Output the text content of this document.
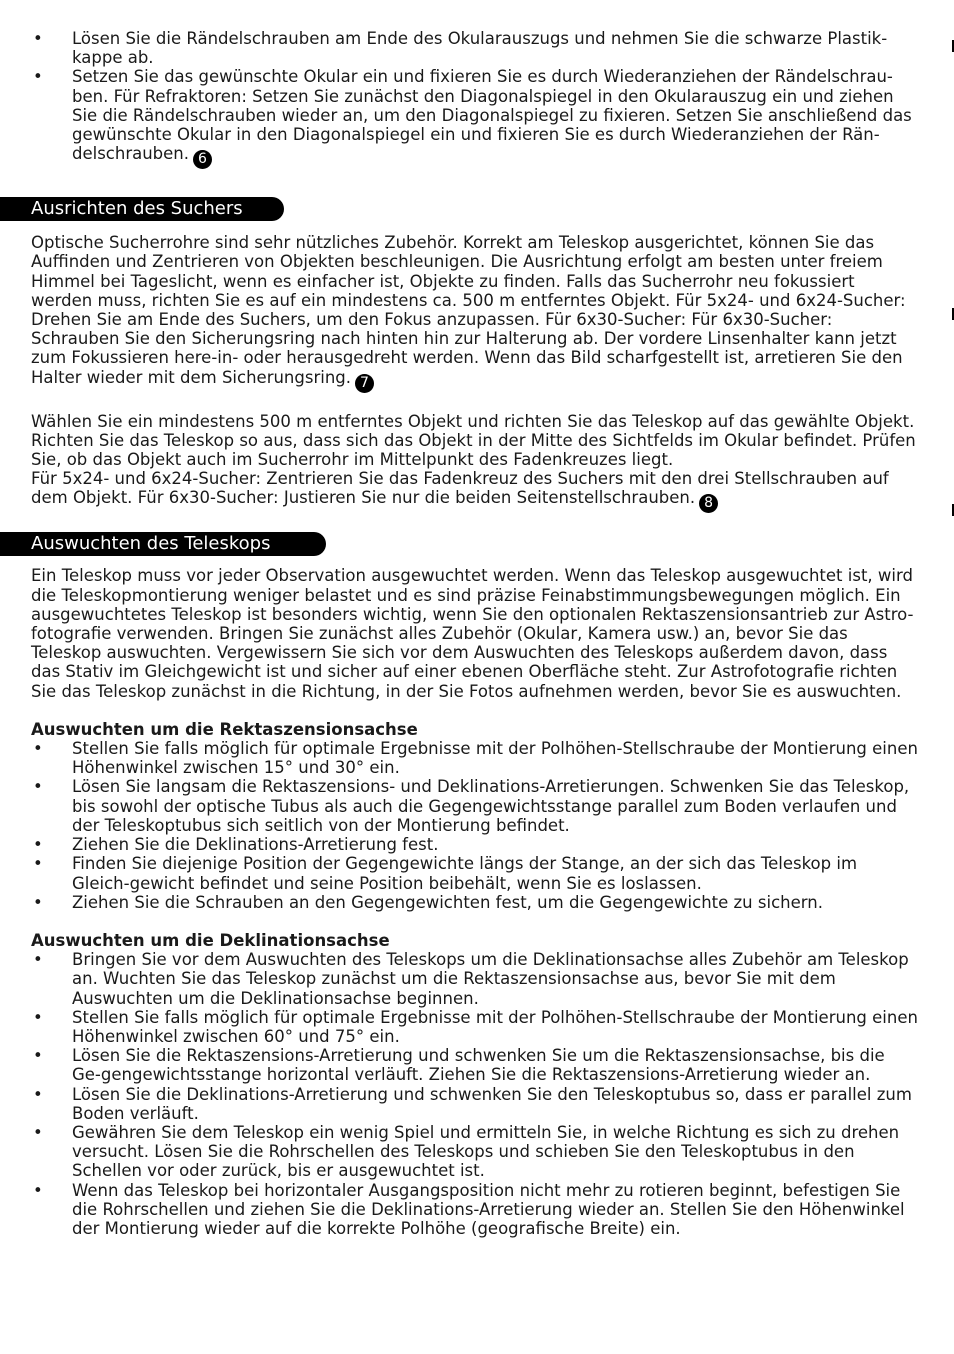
• Lösen Sie die Rändelschrauben am Ende des Okularauszugs und nehmen Sie die schwarze Plastik-kappe ab.
• Setzen Sie das gewünschte Okular ein und fixieren Sie es durch Wiederanziehen der Rändelschrau-ben. Für Refraktoren: Setzen Sie zunächst den Diagonalspiegel in den Okularauszug ein und ziehen Sie die Rändelschrauben wieder an, um den Diagonalspiegel zu fixieren. Setzen Sie anschließend das gewünschte Okular in den Diagonalspiegel ein und fixieren Sie es durch Wiederanziehen der Rän-delschrauben. 6
Ausrichten des Suchers

Optische Sucherrohre sind sehr nützliches Zubehör. Korrekt am Teleskop ausgerichtet, können Sie das Auffinden und Zentrieren von Objekten beschleunigen. Die Ausrichtung erfolgt am besten unter freiem Himmel bei Tageslicht, wenn es einfacher ist, Objekte zu finden. Falls das Sucherrohr neu fokussiert werden muss, richten Sie es auf ein mindestens ca. 500 m entferntes Objekt. Für 5x24- und 6x24-Sucher: Drehen Sie am Ende des Suchers, um den Fokus anzupassen. Für 6x30-Sucher: Für 6x30-Sucher: Schrauben Sie den Sicherungsring nach hinten hin zur Halterung ab. Der vordere Linsenhalter kann jetzt zum Fokussieren here-in- oder herausgedreht werden. Wenn das Bild scharfgestellt ist, arretieren Sie den Halter wieder mit dem Sicherungsring. 7

Wählen Sie ein mindestens 500 m entferntes Objekt und richten Sie das Teleskop auf das gewählte Objekt. Richten Sie das Teleskop so aus, dass sich das Objekt in der Mitte des Sichtfelds im Okular befindet. Prüfen Sie, ob das Objekt auch im Sucherrohr im Mittelpunkt des Fadenkreuzes liegt.
Für 5x24- und 6x24-Sucher: Zentrieren Sie das Fadenkreuz des Suchers mit den drei Stellschrauben auf dem Objekt. Für 6x30-Sucher: Justieren Sie nur die beiden Seitenstellschrauben. 8

Auswuchten des Teleskops

Ein Teleskop muss vor jeder Observation ausgewuchtet werden. Wenn das Teleskop ausgewuchtet ist, wird die Teleskopmontierung weniger belastet und es sind präzise Feinabstimmungsbewegungen möglich. Ein ausgewuchtetes Teleskop ist besonders wichtig, wenn Sie den optionalen Rektaszensionsantrieb zur Astro-fotografie verwenden. Bringen Sie zunächst alles Zubehör (Okular, Kamera usw.) an, bevor Sie das Teleskop auswuchten. Vergewissern Sie sich vor dem Auswuchten des Teleskops außerdem davon, dass das Stativ im Gleichgewicht ist und sicher auf einer ebenen Oberfläche steht. Zur Astrofotografie richten Sie das Teleskop zunächst in die Richtung, in der Sie Fotos aufnehmen werden, bevor Sie es auswuchten.

Auswuchten um die Rektaszensionsachse

• Stellen Sie falls möglich für optimale Ergebnisse mit der Polhöhen-Stellschraube der Montierung einen Höhenwinkel zwischen 15° und 30° ein.
• Lösen Sie langsam die Rektaszensions- und Deklinations-Arretierungen. Schwenken Sie das Teleskop, bis sowohl der optische Tubus als auch die Gegengewichtsstange parallel zum Boden verlaufen und der Teleskoptubus sich seitlich von der Montierung befindet.
• Ziehen Sie die Deklinations-Arretierung fest.
• Finden Sie diejenige Position der Gegengewichte längs der Stange, an der sich das Teleskop im Gleich-gewicht befindet und seine Position beibehält, wenn Sie es loslassen.
• Ziehen Sie die Schrauben an den Gegengewichten fest, um die Gegengewichte zu sichern.

Auswuchten um die Deklinationsachse

• Bringen Sie vor dem Auswuchten des Teleskops um die Deklinationsachse alles Zubehör am Teleskop an. Wuchten Sie das Teleskop zunächst um die Rektaszensionsachse aus, bevor Sie mit dem Auswuchten um die Deklinationsachse beginnen.
• Stellen Sie falls möglich für optimale Ergebnisse mit der Polhöhen-Stellschraube der Montierung einen Höhenwinkel zwischen 60° und 75° ein.
• Lösen Sie die Rektaszensions-Arretierung und schwenken Sie um die Rektaszensionsachse, bis die Ge-gengewichtsstange horizontal verläuft. Ziehen Sie die Rektaszensions-Arretierung wieder an.
• Lösen Sie die Deklinations-Arretierung und schwenken Sie den Teleskoptubus so, dass er parallel zum Boden verläuft.
• Gewähren Sie dem Teleskop ein wenig Spiel und ermitteln Sie, in welche Richtung es sich zu drehen versucht. Lösen Sie die Rohrschellen des Teleskops und schieben Sie den Teleskoptubus in den Schellen vor oder zurück, bis er ausgewuchtet ist.
• Wenn das Teleskop bei horizontaler Ausgangsposition nicht mehr zu rotieren beginnt, befestigen Sie die Rohrschellen und ziehen Sie die Deklinations-Arretierung wieder an. Stellen Sie den Höhenwinkel der Montierung wieder auf die korrekte Polhöhe (geografische Breite) ein.
